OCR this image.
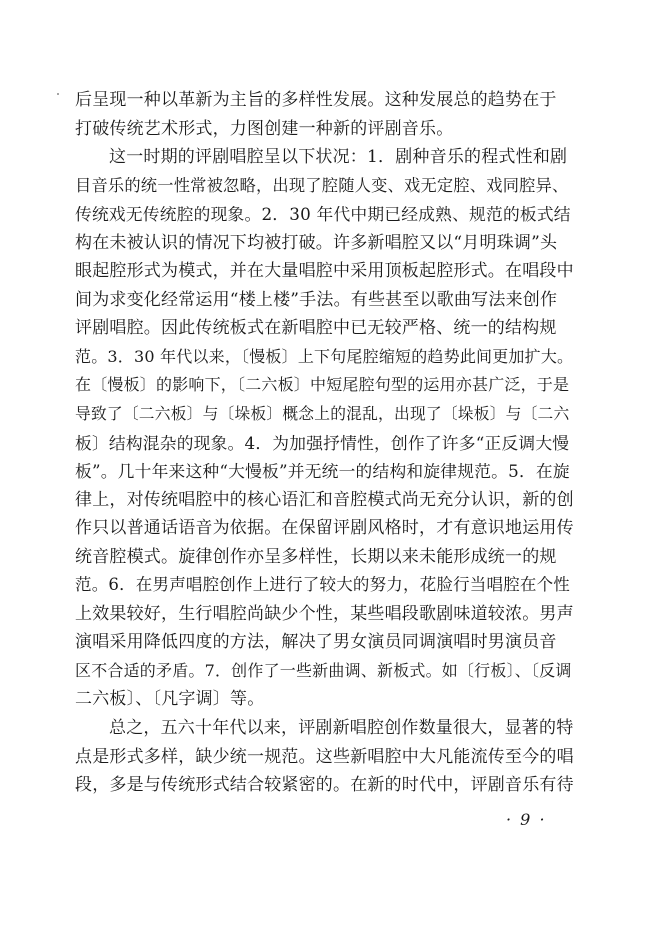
后呈现一种以革新为主旨的多样性发展。这种发展总的趋势在于
打破传统艺术形式，力图创建一种新的评剧音乐。
这一时期的评剧唱腔呈以下状况：1．剧种音乐的程式性和剧
目音乐的统一性常被忽略，出现了腔随人变、戏无定腔、戏同腔异、
传统戏无传统腔的现象。2．30 年代中期已经成熟、规范的板式结
构在未被认识的情况下均被打破。许多新唱腔又以“月明珠调”头
眼起腔形式为模式，并在大量唱腔中采用顶板起腔形式。在唱段中
间为求变化经常运用“楼上楼”手法。有些甚至以歌曲写法来创作
评剧唱腔。因此传统板式在新唱腔中已无较严格、统一的结构规
范。3．30 年代以来，〔慢板〕上下句尾腔缩短的趋势此间更加扩大。
在〔慢板〕的影响下，〔二六板〕中短尾腔句型的运用亦甚广泛，于是
导致了〔二六板〕与〔垛板〕概念上的混乱，出现了〔垛板〕与〔二六
板〕结构混杂的现象。4．为加强抒情性，创作了许多“正反调大慢
板”。几十年来这种“大慢板”并无统一的结构和旋律规范。5．在旋
律上，对传统唱腔中的核心语汇和音腔模式尚无充分认识，新的创
作只以普通话语音为依据。在保留评剧风格时，才有意识地运用传
统音腔模式。旋律创作亦呈多样性，长期以来未能形成统一的规
范。6．在男声唱腔创作上进行了较大的努力，花脸行当唱腔在个性
上效果较好，生行唱腔尚缺少个性，某些唱段歌剧味道较浓。男声
演唱采用降低四度的方法，解决了男女演员同调演唱时男演员音
区不合适的矛盾。7．创作了一些新曲调、新板式。如〔行板〕、〔反调
二六板〕、〔凡字调〕等。
总之，五六十年代以来，评剧新唱腔创作数量很大，显著的特
点是形式多样，缺少统一规范。这些新唱腔中大凡能流传至今的唱
段，多是与传统形式结合较紧密的。在新的时代中，评剧音乐有待
· 9 ·
